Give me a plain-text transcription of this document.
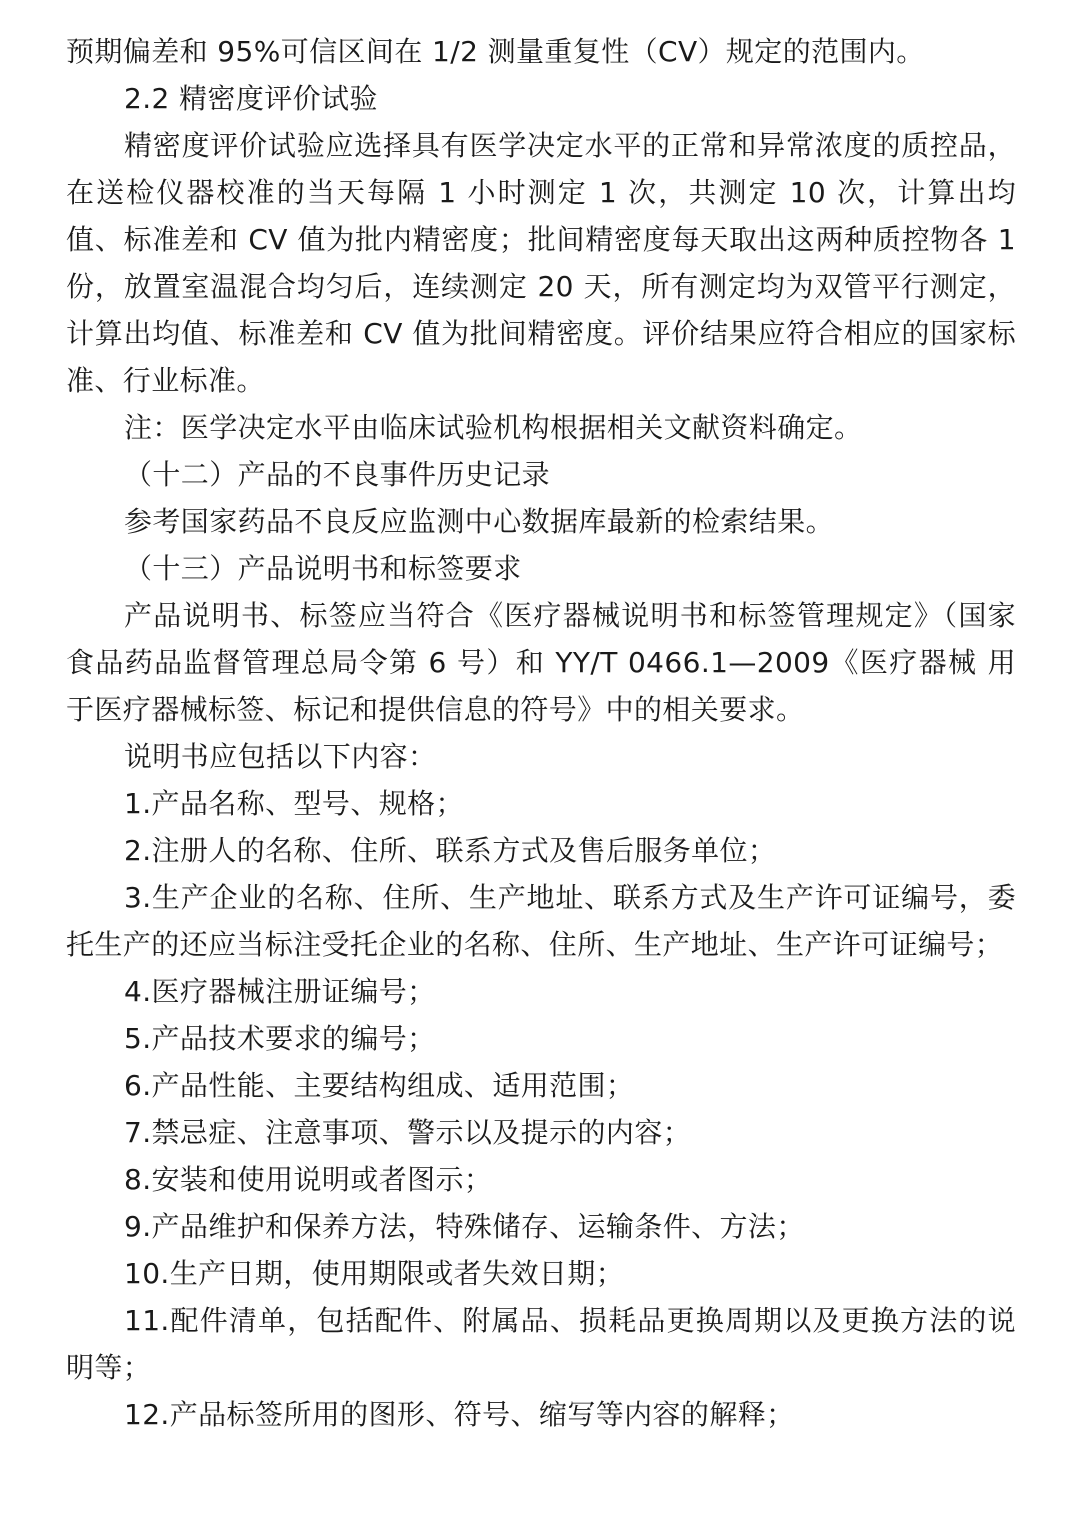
预期偏差和 95%可信区间在 1/2 测量重复性（CV）规定的范围内。

2.2 精密度评价试验

精密度评价试验应选择具有医学决定水平的正常和异常浓度的质控品，在送检仪器校准的当天每隔 1 小时测定 1 次，共测定 10 次，计算出均值、标准差和 CV 值为批内精密度；批间精密度每天取出这两种质控物各 1 份，放置室温混合均匀后，连续测定 20 天，所有测定均为双管平行测定，计算出均值、标准差和 CV 值为批间精密度。评价结果应符合相应的国家标准、行业标准。

注：医学决定水平由临床试验机构根据相关文献资料确定。

（十二）产品的不良事件历史记录

参考国家药品不良反应监测中心数据库最新的检索结果。

（十三）产品说明书和标签要求

产品说明书、标签应当符合《医疗器械说明书和标签管理规定》（国家食品药品监督管理总局令第 6 号）和 YY/T 0466.1—2009《医疗器械 用于医疗器械标签、标记和提供信息的符号》中的相关要求。

说明书应包括以下内容：

1.产品名称、型号、规格；

2.注册人的名称、住所、联系方式及售后服务单位；

3.生产企业的名称、住所、生产地址、联系方式及生产许可证编号，委托生产的还应当标注受托企业的名称、住所、生产地址、生产许可证编号；

4.医疗器械注册证编号；

5.产品技术要求的编号；

6.产品性能、主要结构组成、适用范围；

7.禁忌症、注意事项、警示以及提示的内容；

8.安装和使用说明或者图示；

9.产品维护和保养方法，特殊储存、运输条件、方法；

10.生产日期，使用期限或者失效日期；

11.配件清单，包括配件、附属品、损耗品更换周期以及更换方法的说明等；

12.产品标签所用的图形、符号、缩写等内容的解释；
